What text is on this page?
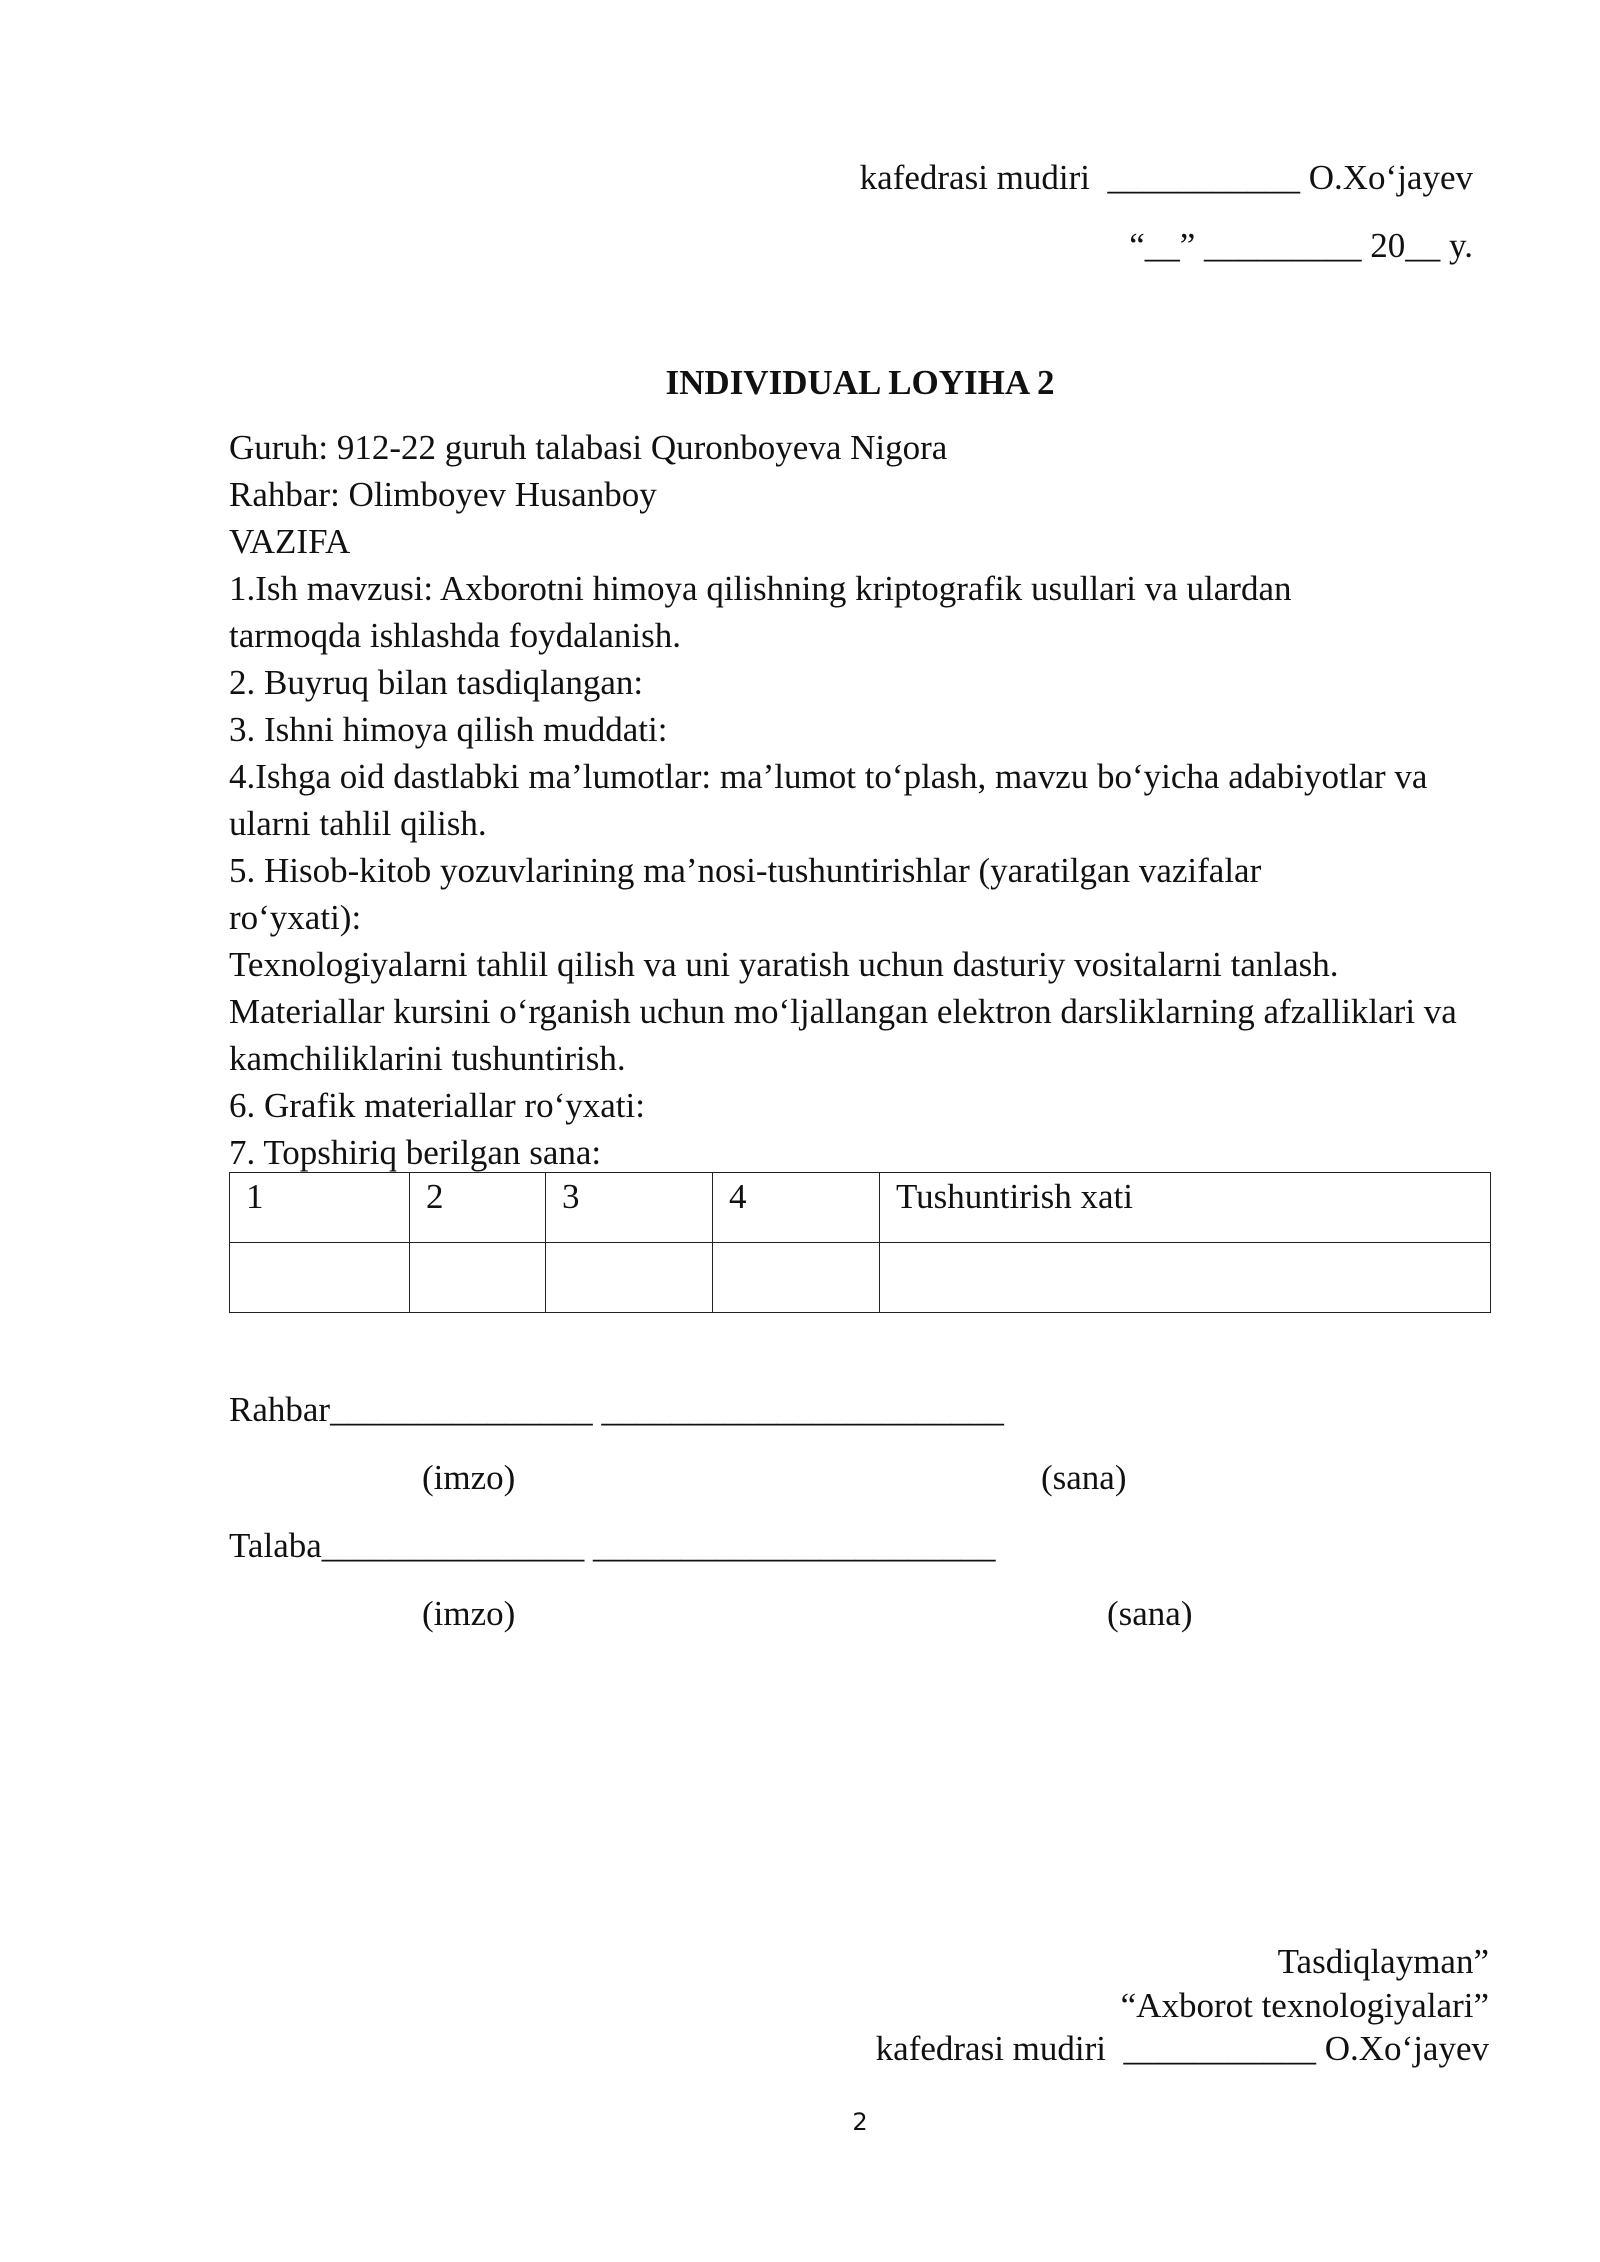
kafedrasi mudiri  ___________ O.Xo‘jayev
“__” _________ 20__ y.
INDIVIDUAL LOYIHA 2
Guruh: 912-22 guruh talabasi Quronboyeva Nigora
Rahbar: Olimboyev Husanboy
VAZIFA
1.Ish mavzusi: Axborotni himoya qilishning kriptografik usullari va ulardan tarmoqda ishlashda foydalanish.
2. Buyruq bilan tasdiqlangan:
3. Ishni himoya qilish muddati:
4.Ishga oid dastlabki ma’lumotlar: ma’lumot to‘plash, mavzu bo‘yicha adabiyotlar va ularni tahlil qilish.
5. Hisob-kitob yozuvlarining ma’nosi-tushuntirishlar (yaratilgan vazifalar ro‘yxati):
Texnologiyalarni tahlil qilish va uni yaratish uchun dasturiy vositalarni tanlash. Materiallar kursini o‘rganish uchun mo‘ljallangan elektron darsliklarning afzalliklari va kamchiliklarini tushuntirish.
6. Grafik materiallar ro‘yxati:
7. Topshiriq berilgan sana:
1	2	3	4	Tushuntirish xati

Rahbar_______________ _______________________
(imzo)	(sana)
Talaba_______________ _______________________
(imzo)	(sana)
Tasdiqlayman”
“Axborot texnologiyalari”
kafedrasi mudiri  ___________ O.Xo‘jayev
2
